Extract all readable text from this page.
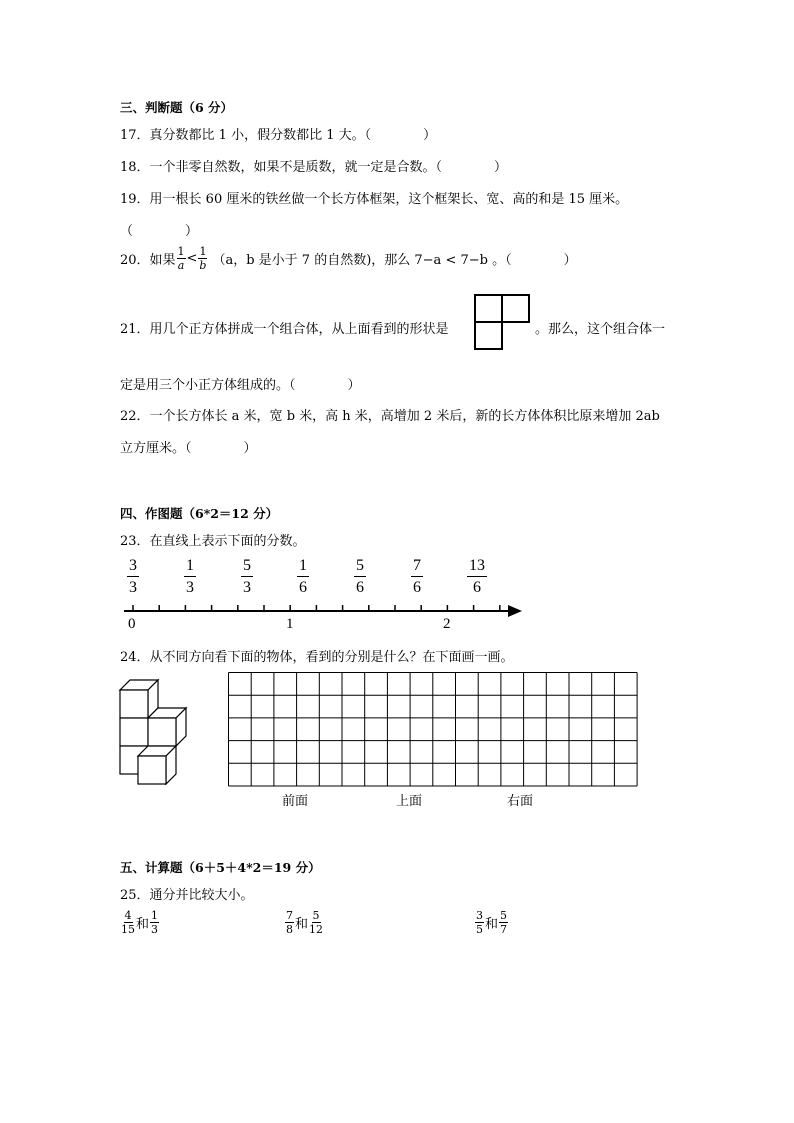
三、判断题（6 分）
17．真分数都比 1 小，假分数都比 1 大。（　　　　）
18．一个非零自然数，如果不是质数，就一定是合数。（　　　　）
19．用一根长 60 厘米的铁丝做一个长方体框架，这个框架长、宽、高的和是 15 厘米。
（　　　　）
20．如果 $\frac{1}{a} < \frac{1}{b} (a$，b 是小于 7 的自然数)，那么 7−a < 7−b 。（　　　　）
21．用几个正方体拼成一个组合体，从上面看到的形状是	。那么，这个组合体一
定是用三个小正方体组成的。（　　　　）
22．一个长方体长 a 米，宽 b 米，高 h 米，高增加 2 米后，新的长方体体积比原来增加 2ab
立方厘米。（　　　　）
四、作图题（6*2＝12 分）
23．在直线上表示下面的分数。
$\frac{3}{3}$	$\frac{1}{3}$	$\frac{5}{3}$	$\frac{1}{6}$	$\frac{5}{6}$	$\frac{7}{6}$	$\frac{13}{6}$
0	1	2
24．从不同方向看下面的物体，看到的分别是什么？在下面画一画。
前面	上面	右面
五、计算题（6＋5＋4*2＝19 分）
25．通分并比较大小。
$\frac{4}{15}$ 和 $\frac{1}{3}$	$\frac{7}{8}$ 和 $\frac{5}{12}$	$\frac{3}{5}$ 和 $\frac{5}{7}$
